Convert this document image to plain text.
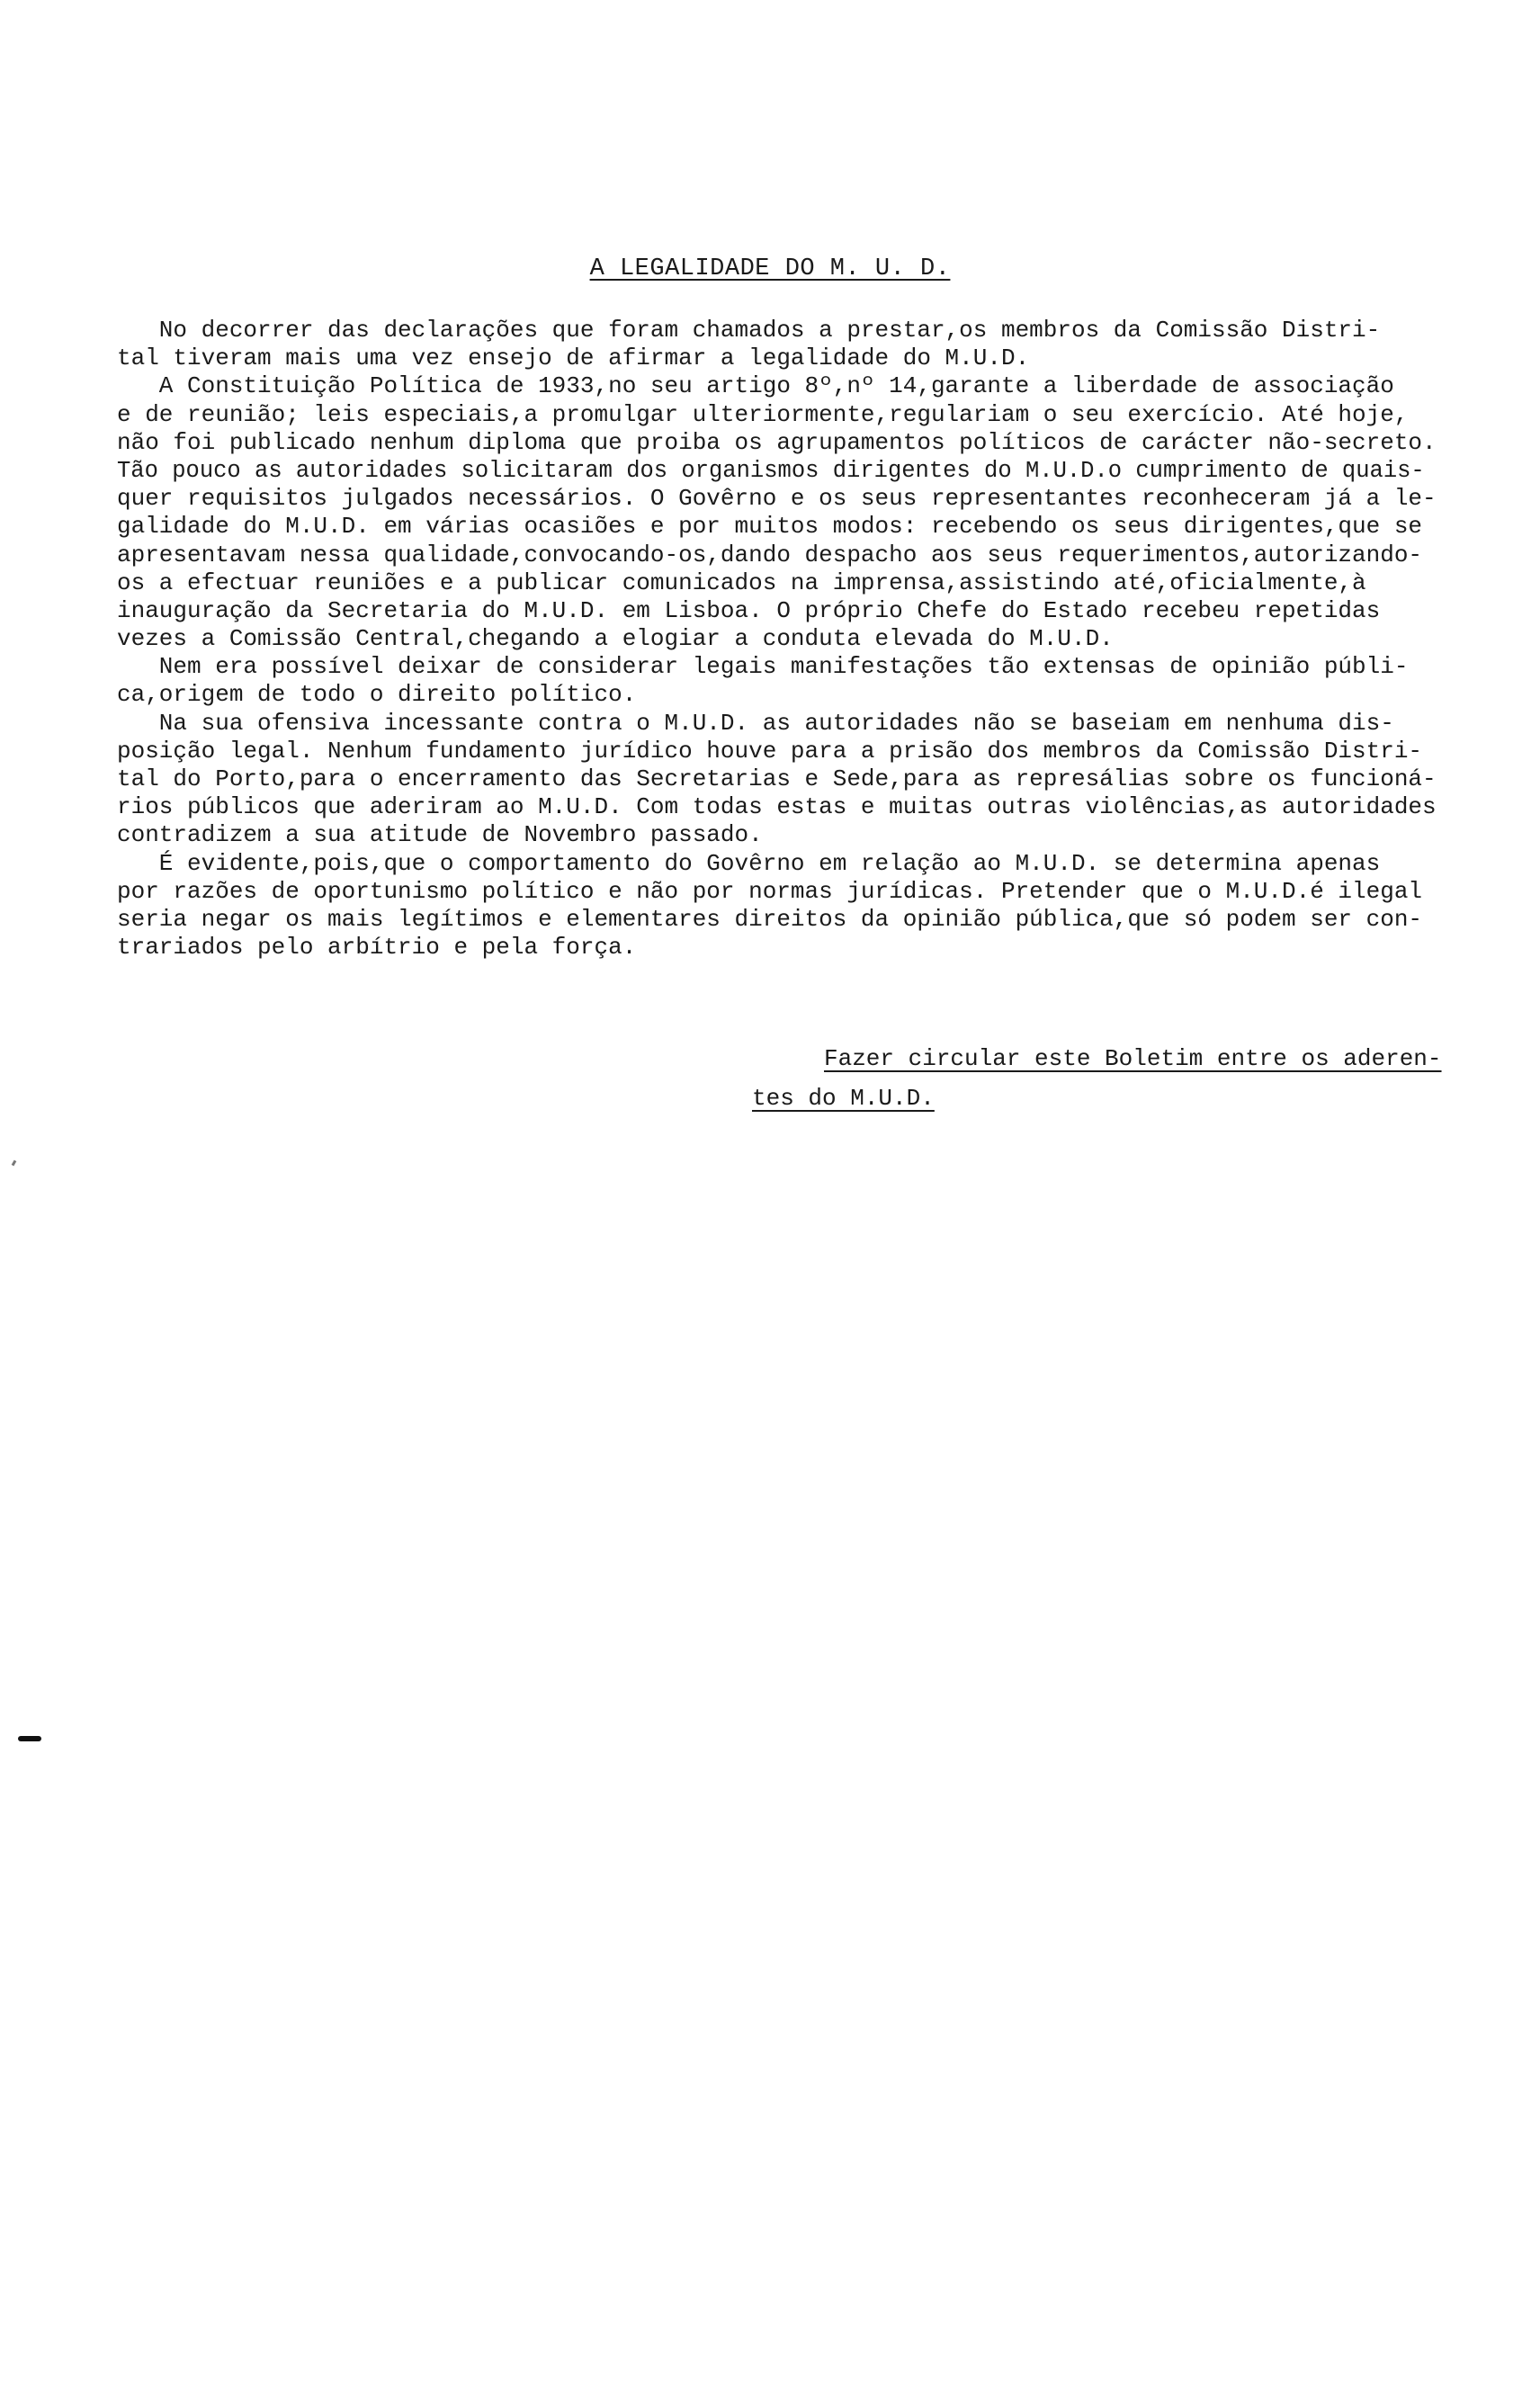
A LEGALIDADE DO M. U. D.
No decorrer das declarações que foram chamados a prestar,os membros da Comissão Distri-
tal tiveram mais uma vez ensejo de afirmar a legalidade do M.U.D.
A Constituição Política de 1933,no seu artigo 8º,nº 14,garante a liberdade de associação
e de reunião; leis especiais,a promulgar ulteriormente,regulariam o seu exercício. Até hoje,
não foi publicado nenhum diploma que proiba os agrupamentos políticos de carácter não-secreto.
Tão pouco as autoridades solicitaram dos organismos dirigentes do M.U.D.o cumprimento de quais-
quer requisitos julgados necessários. O Govêrno e os seus representantes reconheceram já a le-
galidade do M.U.D. em várias ocasiões e por muitos modos: recebendo os seus dirigentes,que se
apresentavam nessa qualidade,convocando-os,dando despacho aos seus requerimentos,autorizando-
os a efectuar reuniões e a publicar comunicados na imprensa,assistindo até,oficialmente,à
inauguração da Secretaria do M.U.D. em Lisboa. O próprio Chefe do Estado recebeu repetidas
vezes a Comissão Central,chegando a elogiar a conduta elevada do M.U.D.
Nem era possível deixar de considerar legais manifestações tão extensas de opinião públi-
ca,origem de todo o direito político.
Na sua ofensiva incessante contra o M.U.D. as autoridades não se baseiam em nenhuma dis-
posição legal. Nenhum fundamento jurídico houve para a prisão dos membros da Comissão Distri-
tal do Porto,para o encerramento das Secretarias e Sede,para as represálias sobre os funcioná-
rios públicos que aderiram ao M.U.D. Com todas estas e muitas outras violências,as autoridades
contradizem a sua atitude de Novembro passado.
É evidente,pois,que o comportamento do Govêrno em relação ao M.U.D. se determina apenas
por razões de oportunismo político e não por normas jurídicas. Pretender que o M.U.D.é ilegal
seria negar os mais legítimos e elementares direitos da opinião pública,que só podem ser con-
trariados pelo arbítrio e pela força.
Fazer circular este Boletim entre os aderen-
tes do M.U.D.
